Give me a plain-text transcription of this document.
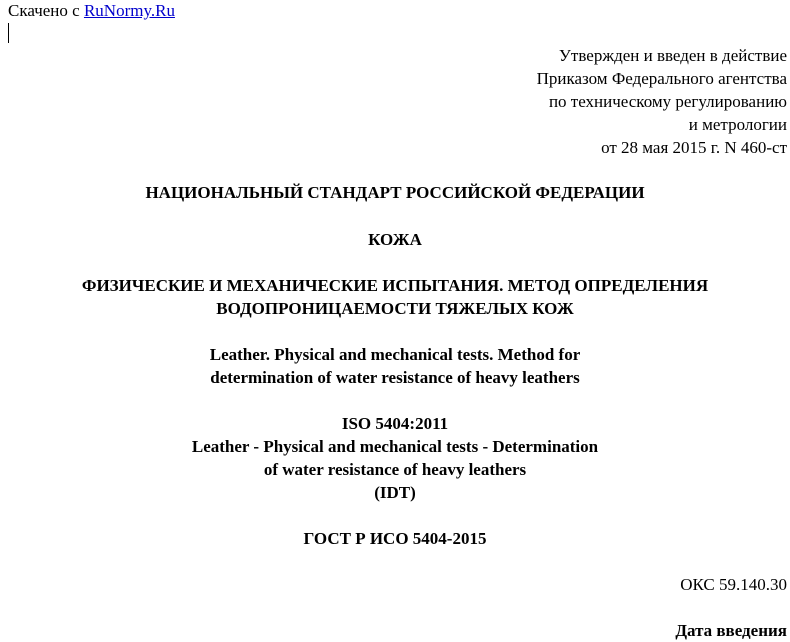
Скачено с RuNormy.Ru
Утвержден и введен в действие
Приказом Федерального агентства
по техническому регулированию
и метрологии
от 28 мая 2015 г. N 460-ст
НАЦИОНАЛЬНЫЙ СТАНДАРТ РОССИЙСКОЙ ФЕДЕРАЦИИ
КОЖА
ФИЗИЧЕСКИЕ И МЕХАНИЧЕСКИЕ ИСПЫТАНИЯ. МЕТОД ОПРЕДЕЛЕНИЯ
ВОДОПРОНИЦАЕМОСТИ ТЯЖЕЛЫХ КОЖ
Leather. Physical and mechanical tests. Method for
determination of water resistance of heavy leathers
ISO 5404:2011
Leather - Physical and mechanical tests - Determination
of water resistance of heavy leathers
(IDT)
ГОСТ Р ИСО 5404-2015
ОКС 59.140.30
Дата введения
